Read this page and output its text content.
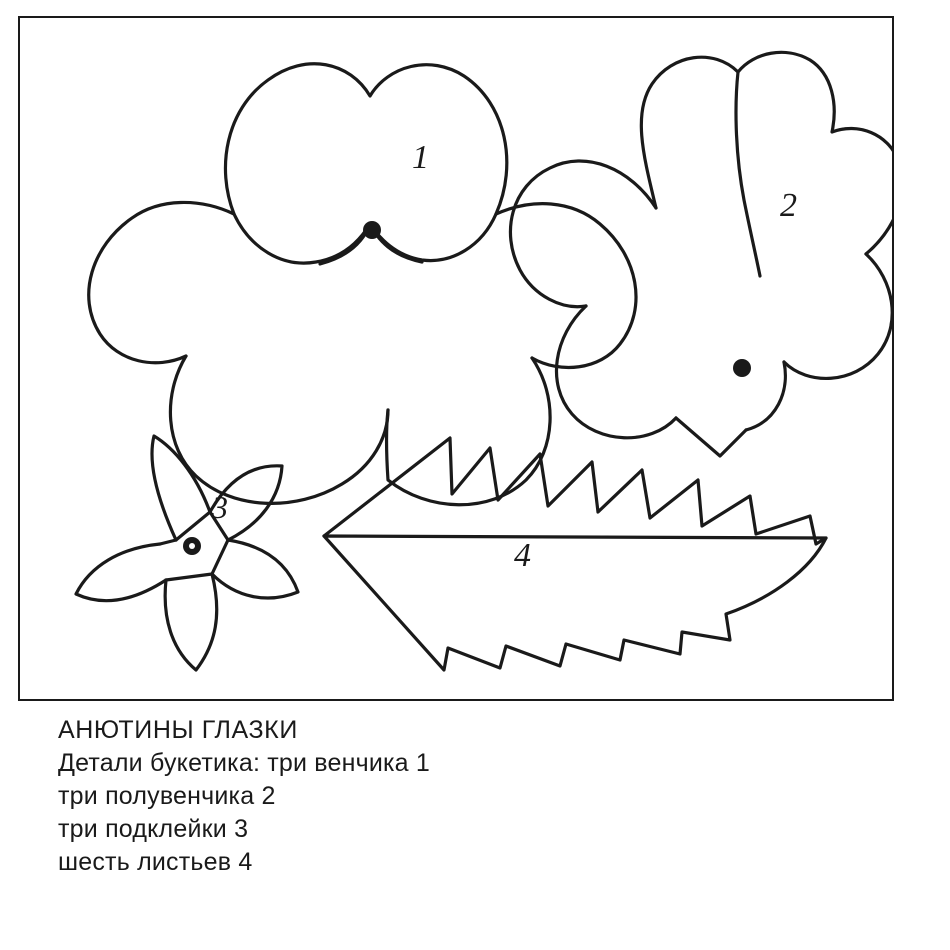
1
2
3
4
АНЮТИНЫ ГЛАЗКИ
Детали букетика: три венчика 1
три полувенчика 2
три подклейки 3
шесть листьев 4
